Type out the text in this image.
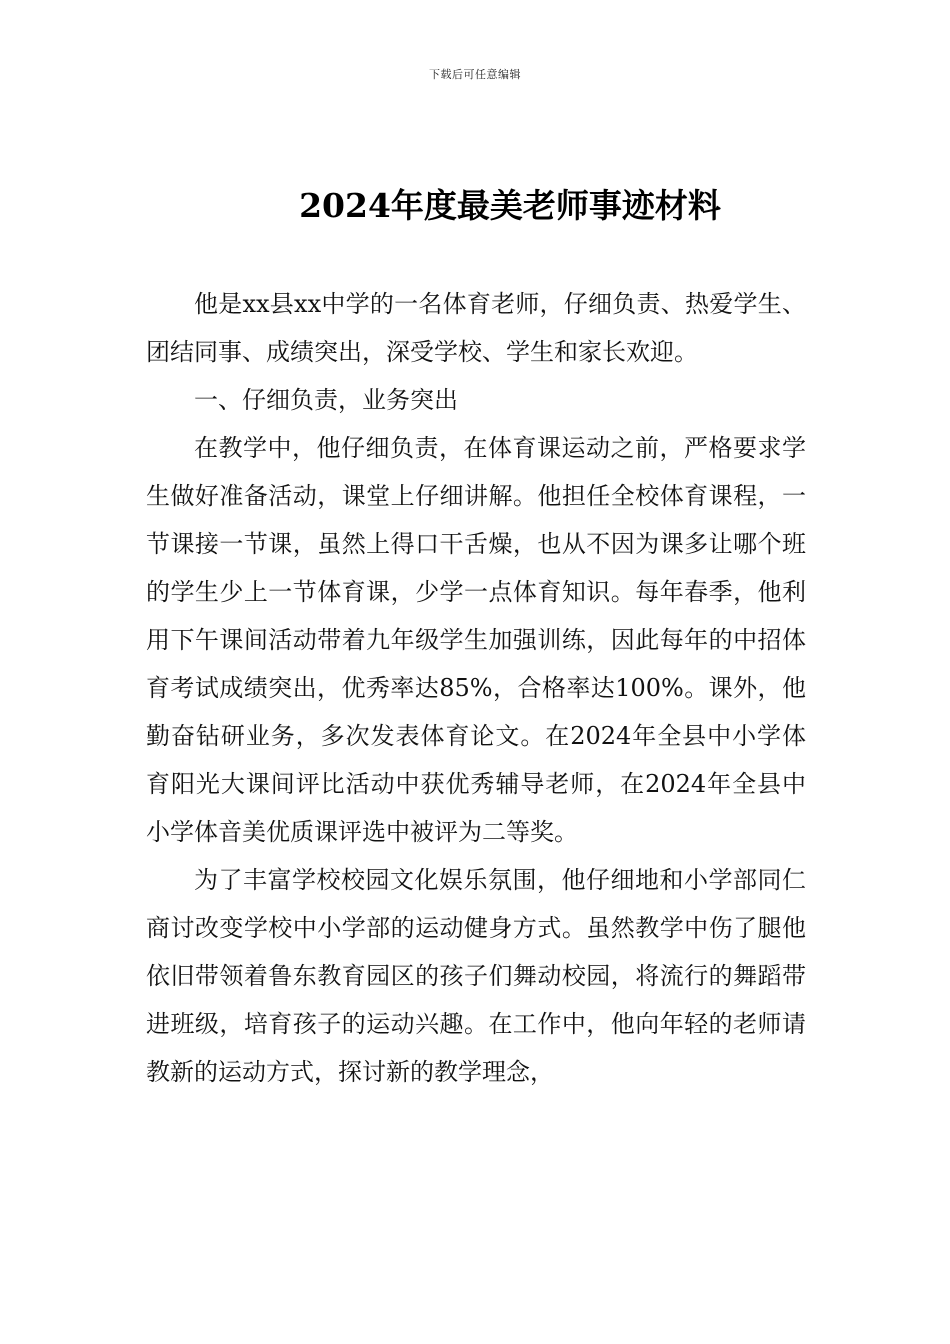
下载后可任意编辑
2024年度最美老师事迹材料

他是xx县xx中学的一名体育老师，仔细负责、热爱学生、团结同事、成绩突出，深受学校、学生和家长欢迎。

一、仔细负责，业务突出

在教学中，他仔细负责，在体育课运动之前，严格要求学生做好准备活动，课堂上仔细讲解。他担任全校体育课程，一节课接一节课，虽然上得口干舌燥，也从不因为课多让哪个班的学生少上一节体育课，少学一点体育知识。每年春季，他利用下午课间活动带着九年级学生加强训练，因此每年的中招体育考试成绩突出，优秀率达85%，合格率达100%。课外，他勤奋钻研业务，多次发表体育论文。在2024年全县中小学体育阳光大课间评比活动中获优秀辅导老师，在2024年全县中小学体音美优质课评选中被评为二等奖。

为了丰富学校校园文化娱乐氛围，他仔细地和小学部同仁商讨改变学校中小学部的运动健身方式。虽然教学中伤了腿他依旧带领着鲁东教育园区的孩子们舞动校园，将流行的舞蹈带进班级，培育孩子的运动兴趣。在工作中，他向年轻的老师请教新的运动方式，探讨新的教学理念，
